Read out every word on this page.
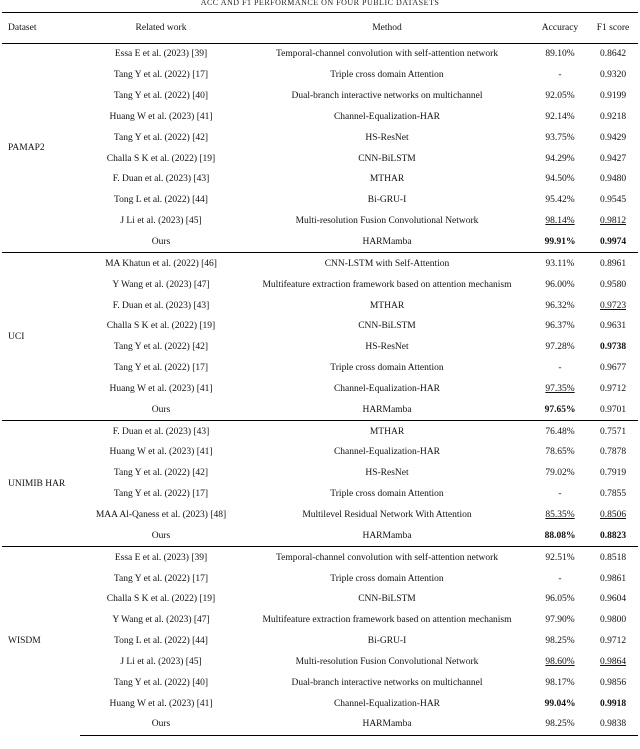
ACC AND F1 PERFORMANCE ON FOUR PUBLIC DATASETS
Dataset	Related work	Method	Accuracy	F1 score
PAMAP2	Essa E et al. (2023) [39]	Temporal-channel convolution with self-attention network	89.10%	0.8642
	Tang Y et al. (2022) [17]	Triple cross domain Attention	-	0.9320
	Tang Y et al. (2022) [40]	Dual-branch interactive networks on multichannel	92.05%	0.9199
	Huang W et al. (2023) [41]	Channel-Equalization-HAR	92.14%	0.9218
	Tang Y et al. (2022) [42]	HS-ResNet	93.75%	0.9429
	Challa S K et al. (2022) [19]	CNN-BiLSTM	94.29%	0.9427
	F. Duan et al. (2023) [43]	MTHAR	94.50%	0.9480
	Tong L et al. (2022) [44]	Bi-GRU-I	95.42%	0.9545
	J Li et al. (2023) [45]	Multi-resolution Fusion Convolutional Network	98.14%	0.9812
	Ours	HARMamba	99.91%	0.9974
UCI	MA Khatun et al. (2022) [46]	CNN-LSTM with Self-Attention	93.11%	0.8961
	Y Wang et al. (2023) [47]	Multifeature extraction framework based on attention mechanism	96.00%	0.9580
	F. Duan et al. (2023) [43]	MTHAR	96.32%	0.9723
	Challa S K et al. (2022) [19]	CNN-BiLSTM	96.37%	0.9631
	Tang Y et al. (2022) [42]	HS-ResNet	97.28%	0.9738
	Tang Y et al. (2022) [17]	Triple cross domain Attention	-	0.9677
	Huang W et al. (2023) [41]	Channel-Equalization-HAR	97.35%	0.9712
	Ours	HARMamba	97.65%	0.9701
UNIMIB HAR	F. Duan et al. (2023) [43]	MTHAR	76.48%	0.7571
	Huang W et al. (2023) [41]	Channel-Equalization-HAR	78.65%	0.7878
	Tang Y et al. (2022) [42]	HS-ResNet	79.02%	0.7919
	Tang Y et al. (2022) [17]	Triple cross domain Attention	-	0.7855
	MAA Al-Qaness et al. (2023) [48]	Multilevel Residual Network With Attention	85.35%	0.8506
	Ours	HARMamba	88.08%	0.8823
WISDM	Essa E et al. (2023) [39]	Temporal-channel convolution with self-attention network	92.51%	0.8518
	Tang Y et al. (2022) [17]	Triple cross domain Attention	-	0.9861
	Challa S K et al. (2022) [19]	CNN-BiLSTM	96.05%	0.9604
	Y Wang et al. (2023) [47]	Multifeature extraction framework based on attention mechanism	97.90%	0.9800
	Tong L et al. (2022) [44]	Bi-GRU-I	98.25%	0.9712
	J Li et al. (2023) [45]	Multi-resolution Fusion Convolutional Network	98.60%	0.9864
	Tang Y et al. (2022) [40]	Dual-branch interactive networks on multichannel	98.17%	0.9856
	Huang W et al. (2023) [41]	Channel-Equalization-HAR	99.04%	0.9918
	Ours	HARMamba	98.25%	0.9838
